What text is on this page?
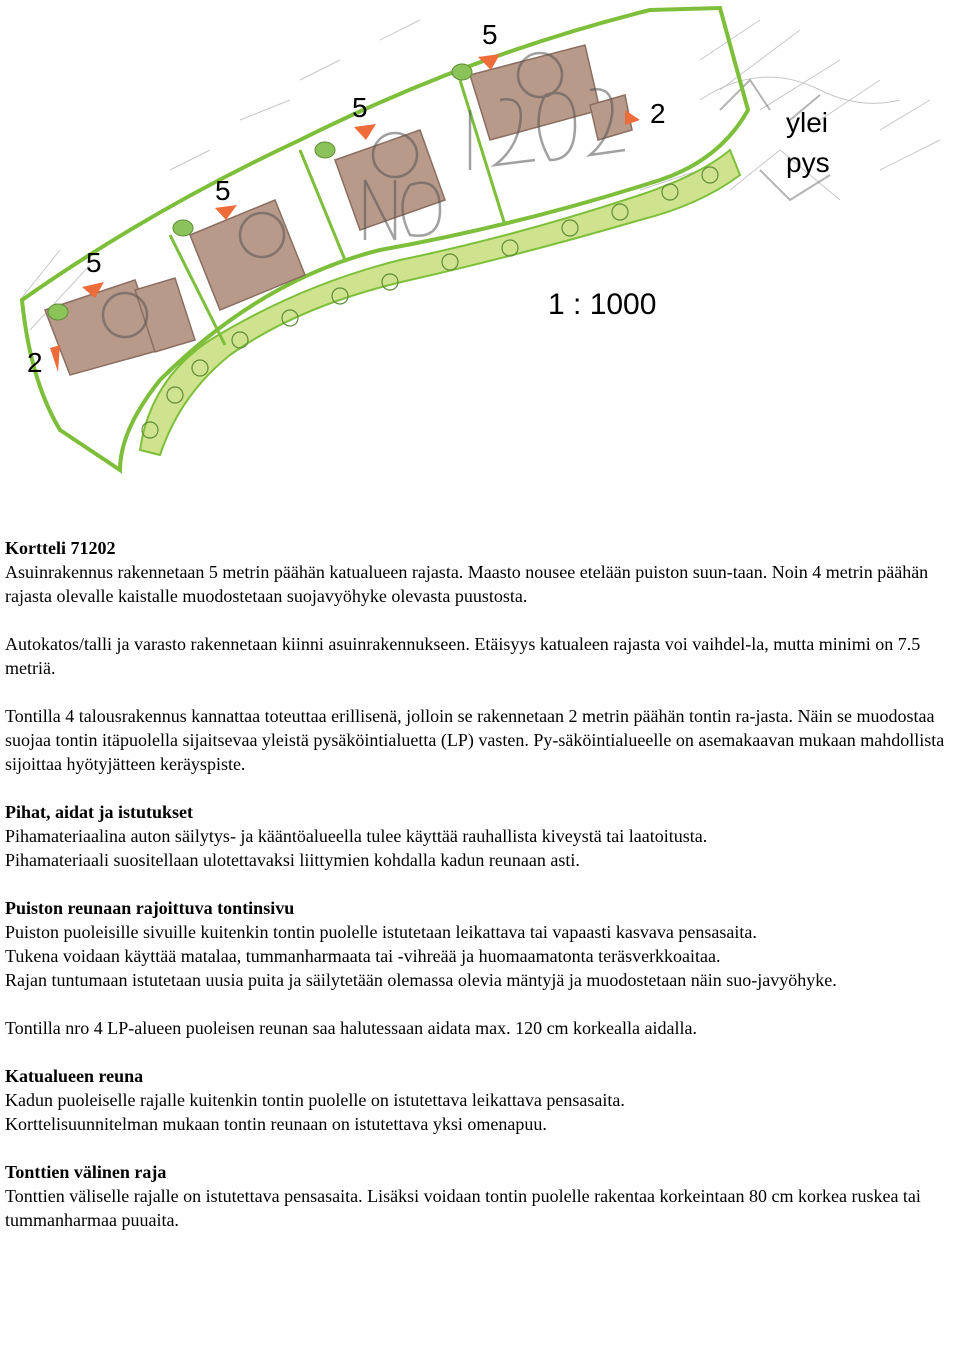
5
5
5
5
2
2
ylei
pys
1 : 1000

Kortteli 71202

Asuinrakennus rakennetaan 5 metrin päähän katualueen rajasta. Maasto nousee etelään puiston suun-taan. Noin 4 metrin päähän rajasta olevalle kaistalle muodostetaan suojavyöhyke olevasta puustosta.

Autokatos/talli ja varasto rakennetaan kiinni asuinrakennukseen. Etäisyys katualeen rajasta voi vaihdel-la, mutta minimi on 7.5 metriä.

Tontilla 4 talousrakennus kannattaa toteuttaa erillisenä, jolloin se rakennetaan 2 metrin päähän tontin ra-jasta. Näin se muodostaa suojaa tontin itäpuolella sijaitsevaa yleistä pysäköintialuetta (LP) vasten. Py-säköintialueelle on asemakaavan mukaan mahdollista sijoittaa hyötyjätteen keräyspiste.

Pihat, aidat ja istutukset

Pihamateriaalina auton säilytys- ja kääntöalueella tulee käyttää rauhallista kiveystä tai laatoitusta.

Pihamateriaali suositellaan ulotettavaksi liittymien kohdalla kadun reunaan asti.

Puiston reunaan rajoittuva tontinsivu

Puiston puoleisille sivuille kuitenkin tontin puolelle istutetaan leikattava tai vapaasti kasvava pensasaita.

Tukena voidaan käyttää matalaa, tummanharmaata tai -vihreää ja huomaamatonta teräsverkkoaitaa.

Rajan tuntumaan istutetaan uusia puita ja säilytetään olemassa olevia mäntyjä ja muodostetaan näin suo-javyöhyke.

Tontilla nro 4 LP-alueen puoleisen reunan saa halutessaan aidata max. 120 cm korkealla aidalla.

Katualueen reuna

Kadun puoleiselle rajalle kuitenkin tontin puolelle on istutettava leikattava pensasaita.

Korttelisuunnitelman mukaan tontin reunaan on istutettava yksi omenapuu.

Tonttien välinen raja

Tonttien väliselle rajalle on istutettava pensasaita. Lisäksi voidaan tontin puolelle rakentaa korkeintaan 80 cm korkea ruskea tai tummanharmaa puuaita.
